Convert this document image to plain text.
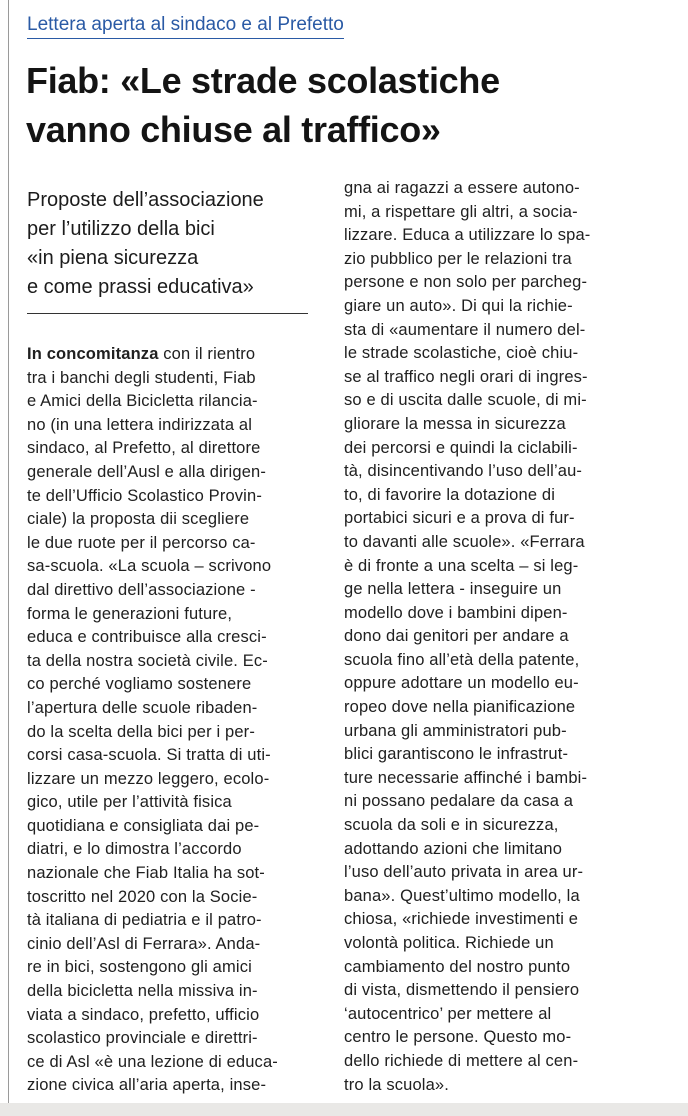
Lettera aperta al sindaco e al Prefetto

Fiab: «Le strade scolastiche
vanno chiuse al traffico»

Proposte dell’associazione
per l’utilizzo della bici
«in piena sicurezza
e come prassi educativa»

In concomitanza con il rientro
tra i banchi degli studenti, Fiab
e Amici della Bicicletta rilancia-
no (in una lettera indirizzata al
sindaco, al Prefetto, al direttore
generale dell’Ausl e alla dirigen-
te dell’Ufficio Scolastico Provin-
ciale) la proposta dii scegliere
le due ruote per il percorso ca-
sa-scuola. «La scuola – scrivono
dal direttivo dell’associazione -
forma le generazioni future,
educa e contribuisce alla cresci-
ta della nostra società civile. Ec-
co perché vogliamo sostenere
l’apertura delle scuole ribaden-
do la scelta della bici per i per-
corsi casa-scuola. Si tratta di uti-
lizzare un mezzo leggero, ecolo-
gico, utile per l’attività fisica
quotidiana e consigliata dai pe-
diatri, e lo dimostra l’accordo
nazionale che Fiab Italia ha sot-
toscritto nel 2020 con la Socie-
tà italiana di pediatria e il patro-
cinio dell’Asl di Ferrara». Anda-
re in bici, sostengono gli amici
della bicicletta nella missiva in-
viata a sindaco, prefetto, ufficio
scolastico provinciale e direttri-
ce di Asl «è una lezione di educa-
zione civica all’aria aperta, inse-
gna ai ragazzi a essere autono-
mi, a rispettare gli altri, a socia-
lizzare. Educa a utilizzare lo spa-
zio pubblico per le relazioni tra
persone e non solo per parcheg-
giare un auto». Di qui la richie-
sta di «aumentare il numero del-
le strade scolastiche, cioè chiu-
se al traffico negli orari di ingres-
so e di uscita dalle scuole, di mi-
gliorare la messa in sicurezza
dei percorsi e quindi la ciclabili-
tà, disincentivando l’uso dell’au-
to, di favorire la dotazione di
portabici sicuri e a prova di fur-
to davanti alle scuole». «Ferrara
è di fronte a una scelta – si leg-
ge nella lettera - inseguire un
modello dove i bambini dipen-
dono dai genitori per andare a
scuola fino all’età della patente,
oppure adottare un modello eu-
ropeo dove nella pianificazione
urbana gli amministratori pub-
blici garantiscono le infrastrut-
ture necessarie affinché i bambi-
ni possano pedalare da casa a
scuola da soli e in sicurezza,
adottando azioni che limitano
l’uso dell’auto privata in area ur-
bana». Quest’ultimo modello, la
chiosa, «richiede investimenti e
volontà politica. Richiede un
cambiamento del nostro punto
di vista, dismettendo il pensiero
‘autocentrico’ per mettere al
centro le persone. Questo mo-
dello richiede di mettere al cen-
tro la scuola».
